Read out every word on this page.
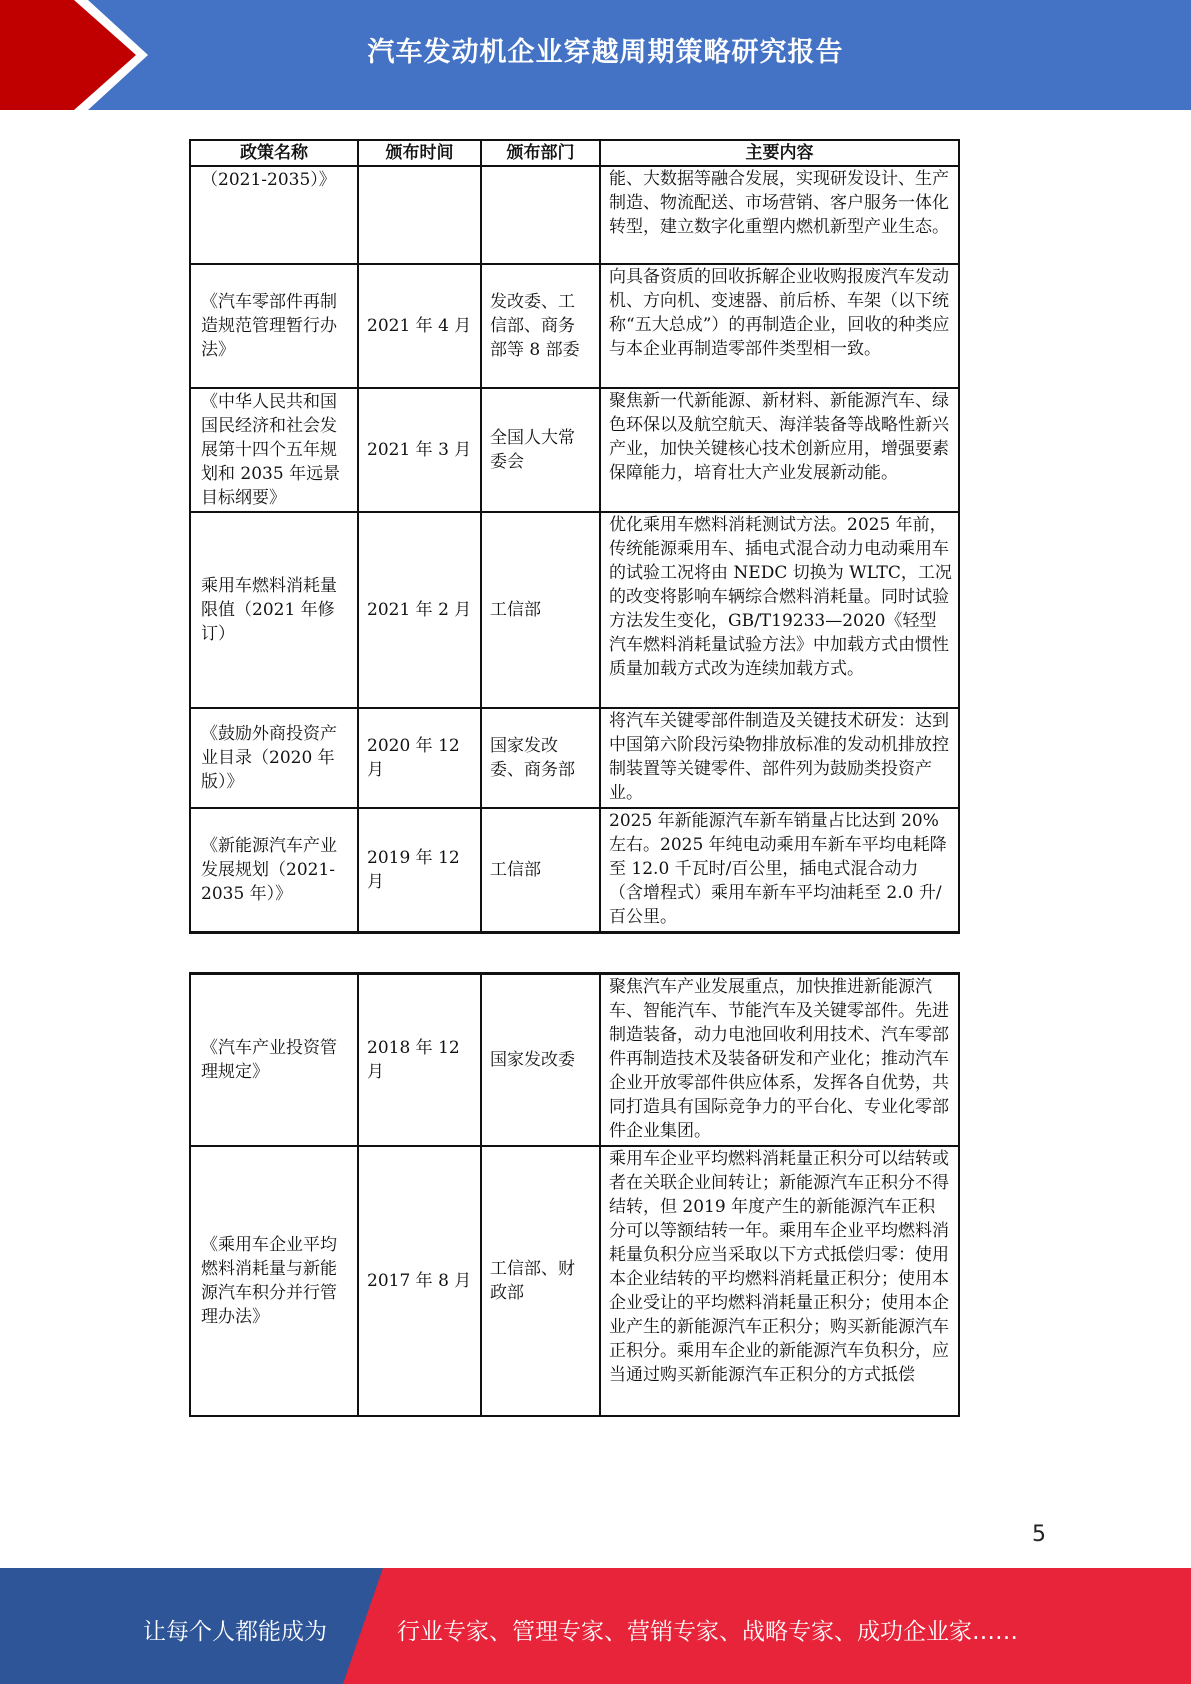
汽车发动机企业穿越周期策略研究报告
政策名称	颁布时间	颁布部门	主要内容
（2021-2035）》			能、大数据等融合发展，实现研发设计、生产制造、物流配送、市场营销、客户服务一体化转型，建立数字化重塑内燃机新型产业生态。
《汽车零部件再制造规范管理暂行办法》	2021 年 4 月	发改委、工信部、商务部等 8 部委	向具备资质的回收拆解企业收购报废汽车发动机、方向机、变速器、前后桥、车架（以下统称“五大总成”）的再制造企业，回收的种类应与本企业再制造零部件类型相一致。
《中华人民共和国国民经济和社会发展第十四个五年规划和 2035 年远景目标纲要》	2021 年 3 月	全国人大常委会	聚焦新一代新能源、新材料、新能源汽车、绿色环保以及航空航天、海洋装备等战略性新兴产业，加快关键核心技术创新应用，增强要素保障能力，培育壮大产业发展新动能。
乘用车燃料消耗量限值（2021 年修订）	2021 年 2 月	工信部	优化乘用车燃料消耗测试方法。2025 年前，传统能源乘用车、插电式混合动力电动乘用车的试验工况将由 NEDC 切换为 WLTC，工况的改变将影响车辆综合燃料消耗量。同时试验方法发生变化，GB/T19233—2020《轻型汽车燃料消耗量试验方法》中加载方式由惯性质量加载方式改为连续加载方式。
《鼓励外商投资产业目录（2020 年版）》	2020 年 12 月	国家发改委、商务部	将汽车关键零部件制造及关键技术研发：达到中国第六阶段污染物排放标准的发动机排放控制装置等关键零件、部件列为鼓励类投资产业。
《新能源汽车产业发展规划（2021-2035 年）》	2019 年 12 月	工信部	2025 年新能源汽车新车销量占比达到 20%左右。2025 年纯电动乘用车新车平均电耗降至 12.0 千瓦时/百公里，插电式混合动力（含增程式）乘用车新车平均油耗至 2.0 升/百公里。
《汽车产业投资管理规定》	2018 年 12 月	国家发改委	聚焦汽车产业发展重点，加快推进新能源汽车、智能汽车、节能汽车及关键零部件。先进制造装备，动力电池回收利用技术、汽车零部件再制造技术及装备研发和产业化；推动汽车企业开放零部件供应体系，发挥各自优势，共同打造具有国际竞争力的平台化、专业化零部件企业集团。
《乘用车企业平均燃料消耗量与新能源汽车积分并行管理办法》	2017 年 8 月	工信部、财政部	乘用车企业平均燃料消耗量正积分可以结转或者在关联企业间转让；新能源汽车正积分不得结转，但 2019 年度产生的新能源汽车正积分可以等额结转一年。乘用车企业平均燃料消耗量负积分应当采取以下方式抵偿归零：使用本企业结转的平均燃料消耗量正积分；使用本企业受让的平均燃料消耗量正积分；使用本企业产生的新能源汽车正积分；购买新能源汽车正积分。乘用车企业的新能源汽车负积分，应当通过购买新能源汽车正积分的方式抵偿
5
让每个人都能成为	行业专家、管理专家、营销专家、战略专家、成功企业家……
